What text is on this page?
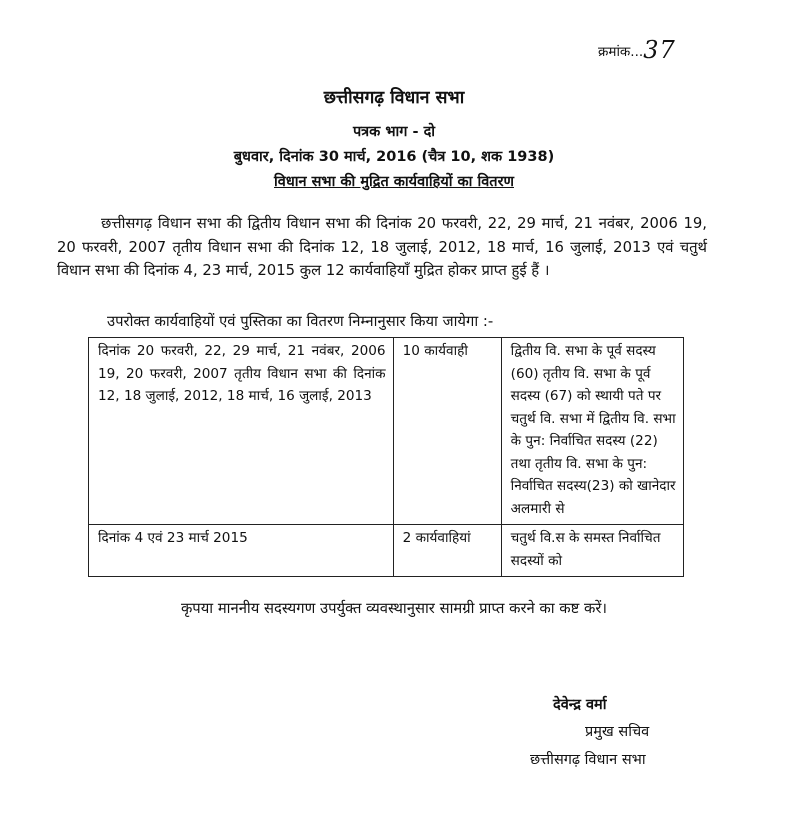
क्रमांक...37
छत्तीसगढ़ विधान सभा
पत्रक भाग - दो
बुधवार, दिनांक 30 मार्च, 2016 (चैत्र 10, शक 1938)
विधान सभा की मुद्रित कार्यवाहियों का वितरण
छत्तीसगढ़ विधान सभा की द्वितीय विधान सभा की दिनांक 20 फरवरी, 22, 29 मार्च, 21 नवंबर, 2006 19, 20 फरवरी, 2007 तृतीय विधान सभा की दिनांक 12, 18 जुलाई, 2012, 18 मार्च, 16 जुलाई, 2013 एवं चतुर्थ विधान सभा की दिनांक 4, 23 मार्च, 2015 कुल 12 कार्यवाहियाँ मुद्रित होकर प्राप्त हुई हैं ।
उपरोक्त कार्यवाहियों एवं पुस्तिका का वितरण निम्नानुसार किया जायेगा :-
दिनांक 20 फरवरी, 22, 29 मार्च, 21 नवंबर, 2006 19, 20 फरवरी, 2007 तृतीय विधान सभा की दिनांक 12, 18 जुलाई, 2012, 18 मार्च, 16 जुलाई, 2013	10 कार्यवाही	द्वितीय वि. सभा के पूर्व सदस्य (60) तृतीय वि. सभा के पूर्व सदस्य (67) को स्थायी पते पर चतुर्थ वि. सभा में द्वितीय वि. सभा के पुन: निर्वाचित सदस्य (22) तथा तृतीय वि. सभा के पुन: निर्वाचित सदस्य(23) को खानेदार अलमारी से
दिनांक 4 एवं 23 मार्च 2015	2 कार्यवाहियां	चतुर्थ वि.स के समस्त निर्वाचित सदस्यों को
कृपया माननीय सदस्यगण उपर्युक्त व्यवस्थानुसार सामग्री प्राप्त करने का कष्ट करें।
देवेन्द्र वर्मा
प्रमुख सचिव
छत्तीसगढ़ विधान सभा
